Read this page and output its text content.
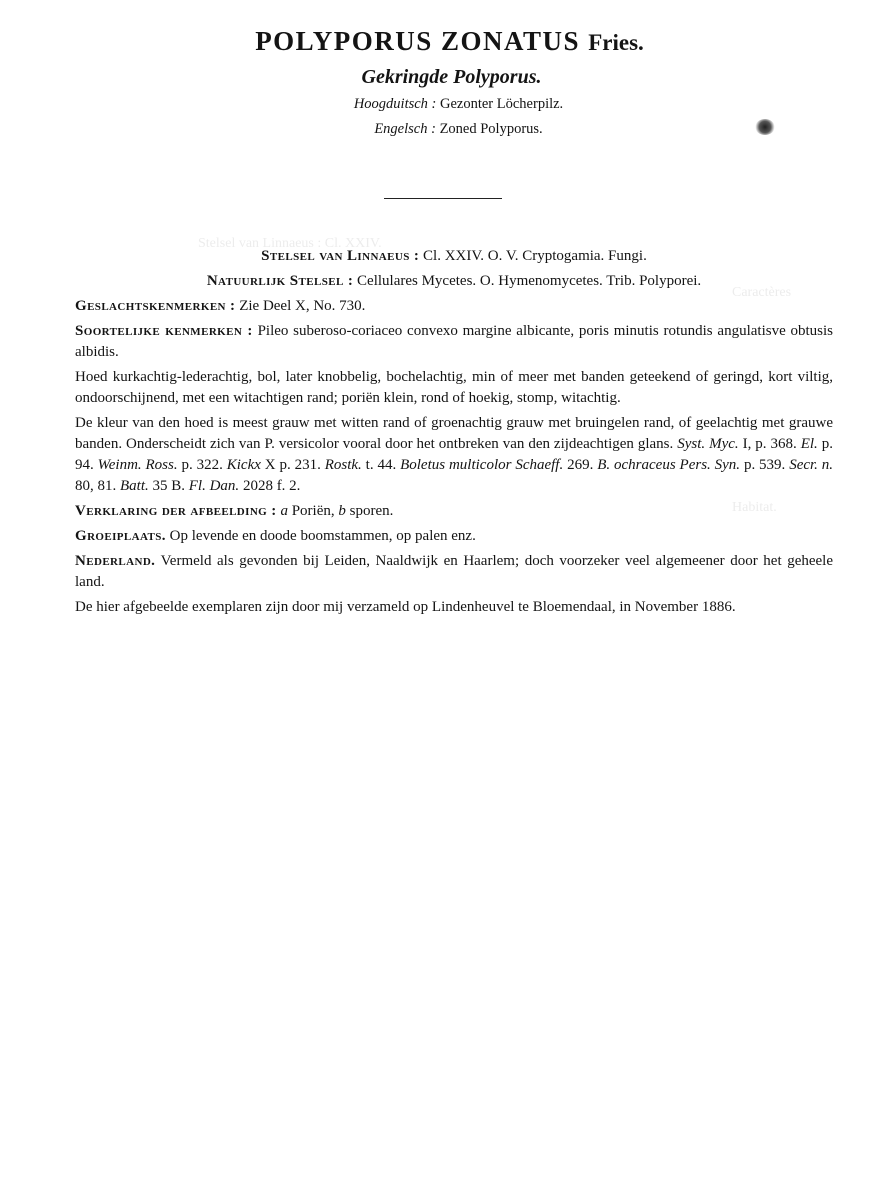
Stelsel van Linnaeus : Cl. XXIV.
Caractères
Habitat.
POLYPORUS ZONATUS Fries.
Gekringde Polyporus.
Hoogduitsch : Gezonter Löcherpilz.
Engelsch : Zoned Polyporus.

Stelsel van Linnaeus : Cl. XXIV. O. V. Cryptogamia. Fungi.

Natuurlijk Stelsel : Cellulares Mycetes. O. Hymenomycetes. Trib. Polyporei.

Geslachtskenmerken : Zie Deel X, No. 730.

Soortelijke kenmerken : Pileo suberoso-coriaceo convexo margine albicante, poris minutis rotundis angulatisve obtusis albidis.

Hoed kurkachtig-lederachtig, bol, later knobbelig, bochelachtig, min of meer met banden geteekend of geringd, kort viltig, ondoorschijnend, met een witachtigen rand; poriën klein, rond of hoekig, stomp, witachtig.

De kleur van den hoed is meest grauw met witten rand of groenachtig grauw met bruingelen rand, of geelachtig met grauwe banden. Onderscheidt zich van P. versicolor vooral door het ontbreken van den zijdeachtigen glans. Syst. Myc. I, p. 368. El. p. 94. Weinm. Ross. p. 322. Kickx X p. 231. Rostk. t. 44. Boletus multicolor Schaeff. 269. B. ochraceus Pers. Syn. p. 539. Secr. n. 80, 81. Batt. 35 B. Fl. Dan. 2028 f. 2.

Verklaring der afbeelding : a Poriën, b sporen.

Groeiplaats. Op levende en doode boomstammen, op palen enz.

Nederland. Vermeld als gevonden bij Leiden, Naaldwijk en Haarlem; doch voorzeker veel algemeener door het geheele land.

De hier afgebeelde exemplaren zijn door mij verzameld op Lindenheuvel te Bloemendaal, in November 1886.
